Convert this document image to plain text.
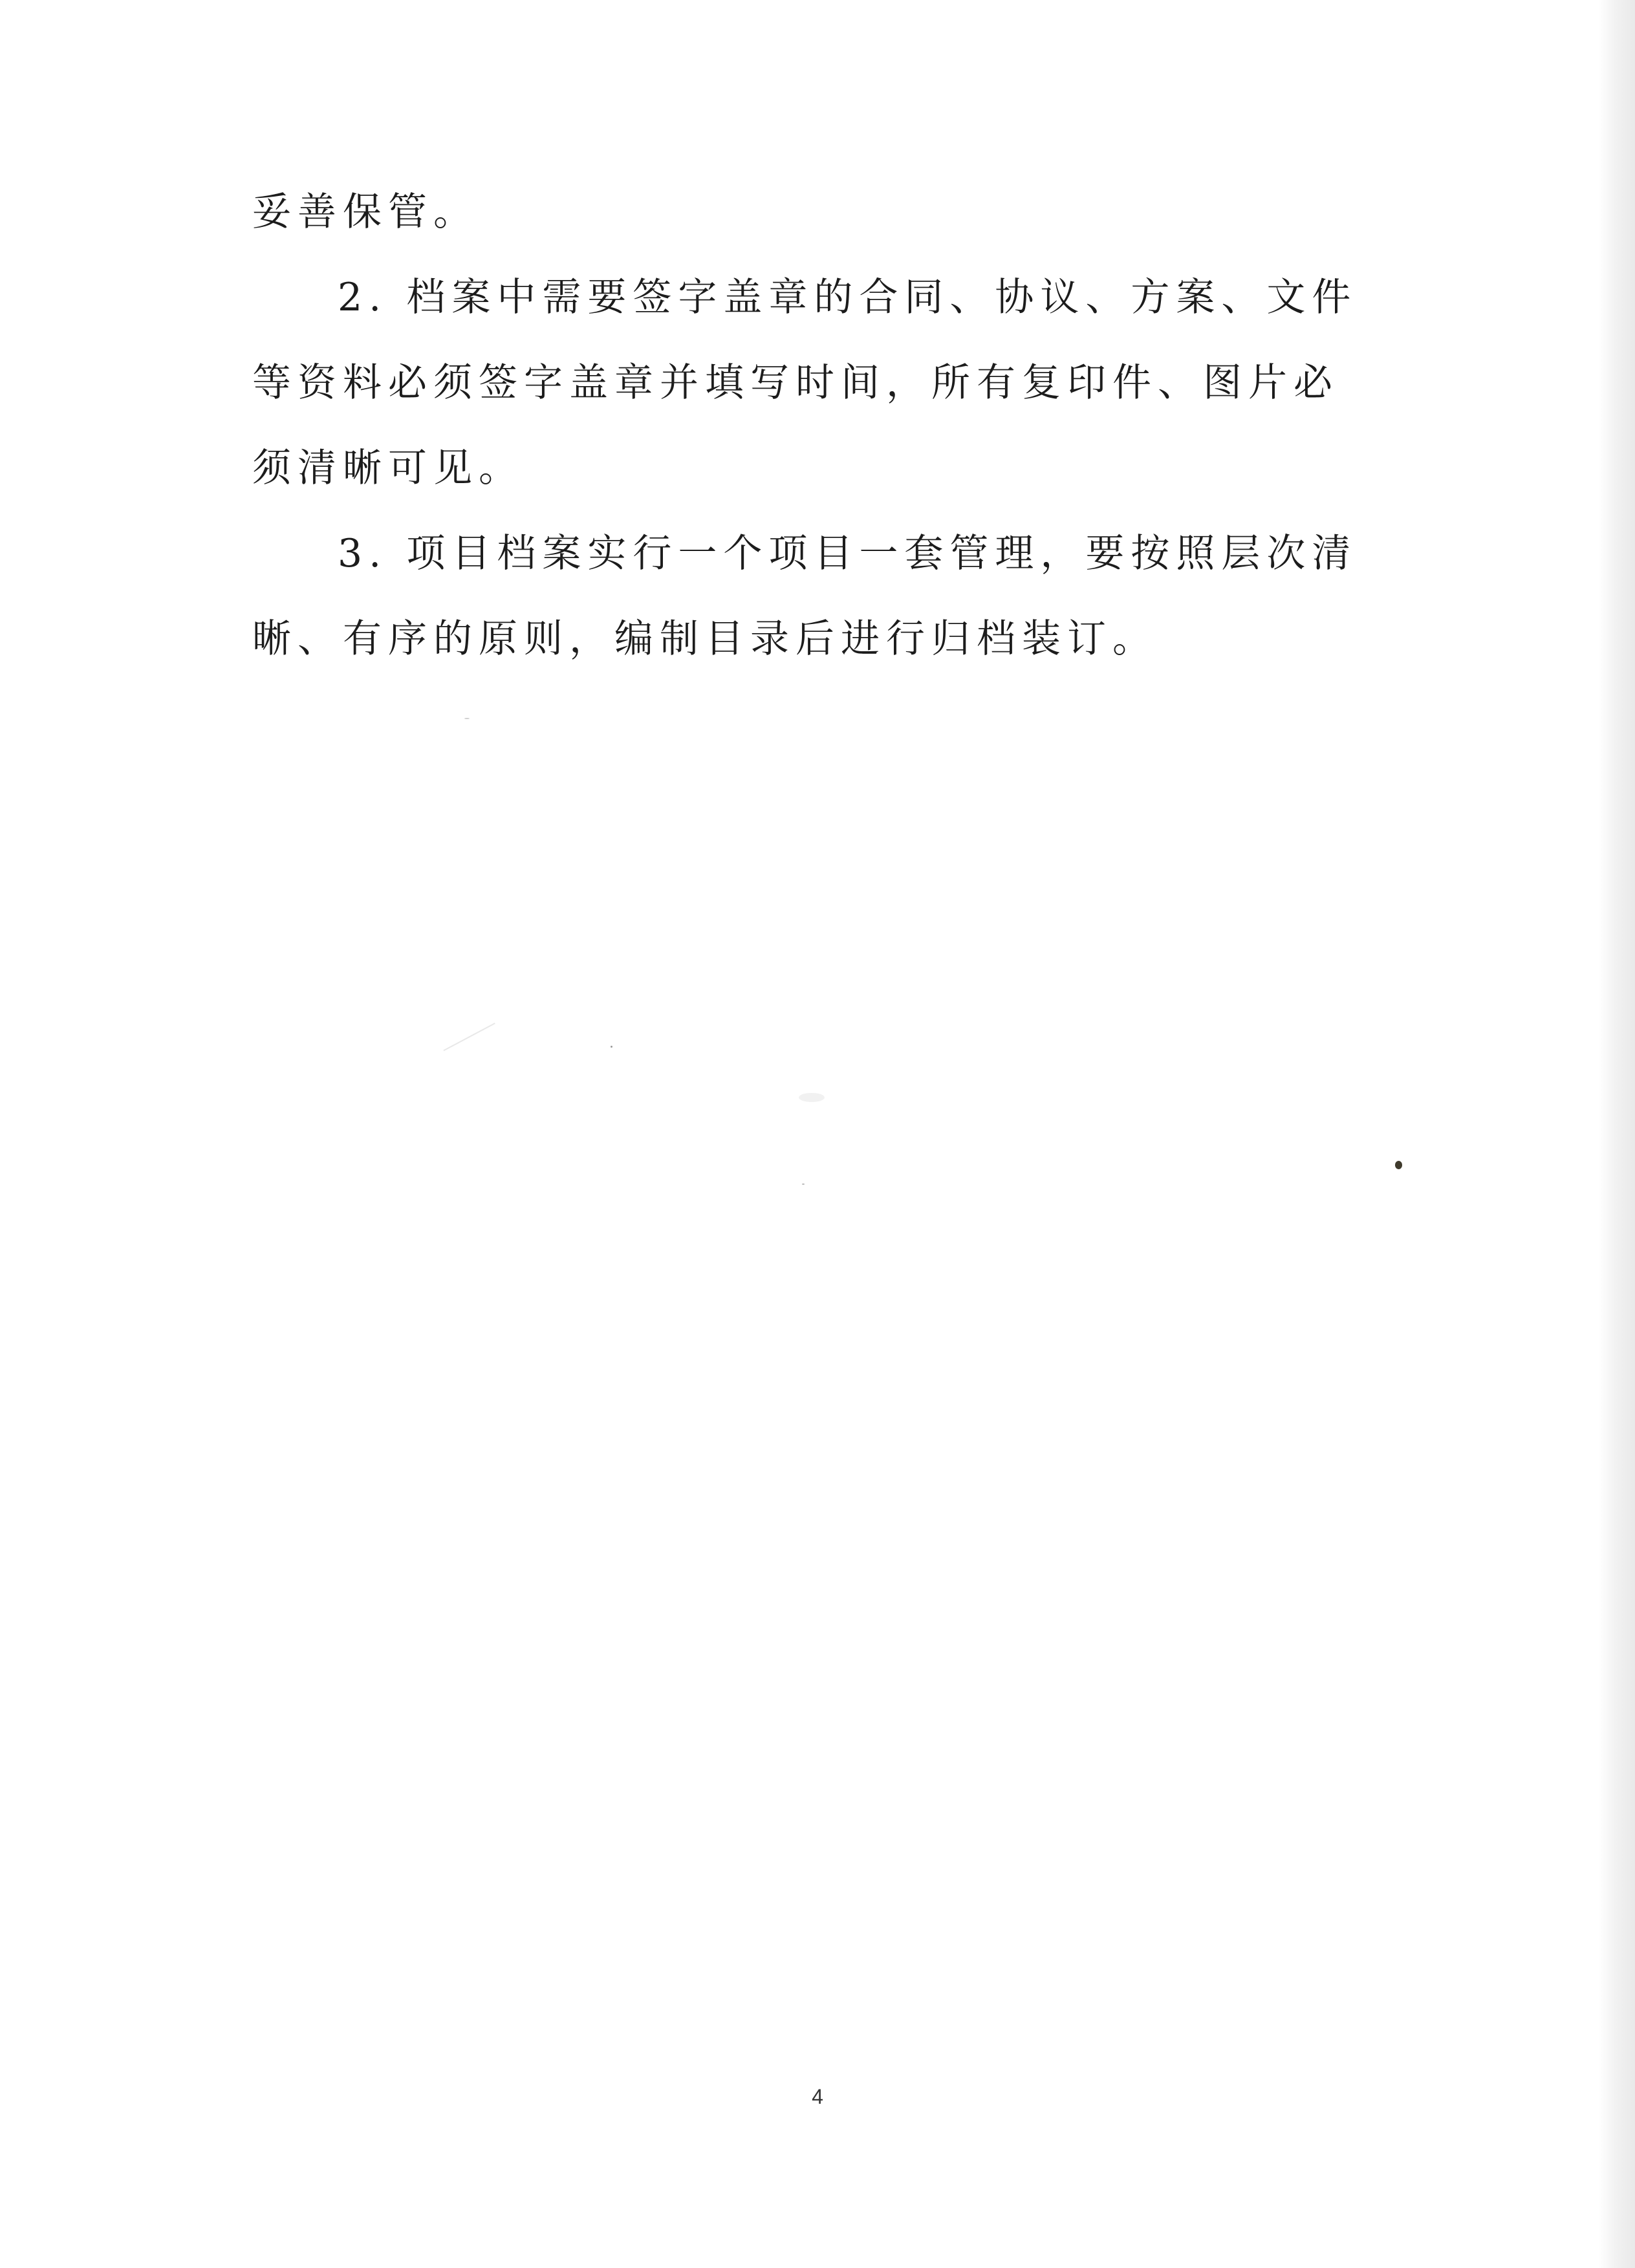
妥善保管。

2. 档案中需要签字盖章的合同、协议、方案、文件等资料必须签字盖章并填写时间，所有复印件、图片必须清晰可见。

3. 项目档案实行一个项目一套管理，要按照层次清晰、有序的原则，编制目录后进行归档装订。

4
